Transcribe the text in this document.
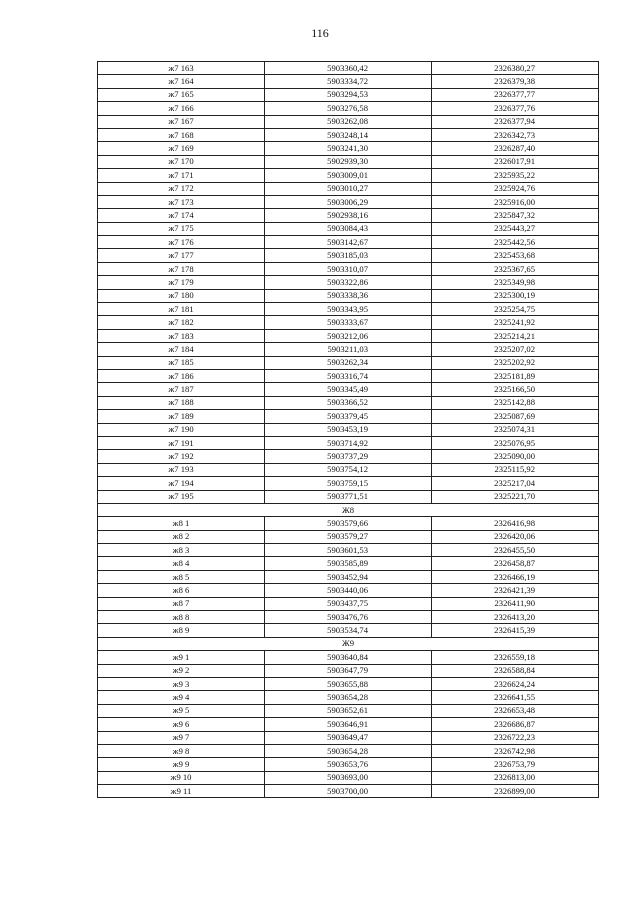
116
ж7 163	5903360,42	2326380,27
ж7 164	5903334,72	2326379,38
ж7 165	5903294,53	2326377,77
ж7 166	5903276,58	2326377,76
ж7 167	5903262,08	2326377,94
ж7 168	5903248,14	2326342,73
ж7 169	5903241,30	2326287,40
ж7 170	5902939,30	2326017,91
ж7 171	5903009,01	2325935,22
ж7 172	5903010,27	2325924,76
ж7 173	5903006,29	2325916,00
ж7 174	5902938,16	2325847,32
ж7 175	5903084,43	2325443,27
ж7 176	5903142,67	2325442,56
ж7 177	5903185,03	2325453,68
ж7 178	5903310,07	2325367,65
ж7 179	5903322,86	2325349,98
ж7 180	5903338,36	2325300,19
ж7 181	5903343,95	2325254,75
ж7 182	5903333,67	2325241,92
ж7 183	5903212,06	2325214,21
ж7 184	5903211,03	2325207,02
ж7 185	5903262,34	2325202,92
ж7 186	5903316,74	2325181,89
ж7 187	5903345,49	2325166,50
ж7 188	5903366,52	2325142,88
ж7 189	5903379,45	2325087,69
ж7 190	5903453,19	2325074,31
ж7 191	5903714,92	2325076,95
ж7 192	5903737,29	2325090,00
ж7 193	5903754,12	2325115,92
ж7 194	5903759,15	2325217,04
ж7 195	5903771,51	2325221,70
Ж8		
ж8 1	5903579,66	2326416,98
ж8 2	5903579,27	2326420,06
ж8 3	5903601,53	2326455,50
ж8 4	5903585,89	2326458,87
ж8 5	5903452,94	2326466,19
ж8 6	5903440,06	2326421,39
ж8 7	5903437,75	2326411,90
ж8 8	5903476,76	2326413,20
ж8 9	5903534,74	2326415,39
Ж9		
ж9 1	5903640,84	2326559,18
ж9 2	5903647,79	2326588,84
ж9 3	5903655,88	2326624,24
ж9 4	5903654,28	2326641,55
ж9 5	5903652,61	2326653,48
ж9 6	5903646,91	2326686,87
ж9 7	5903649,47	2326722,23
ж9 8	5903654,28	2326742,98
ж9 9	5903653,76	2326753,79
ж9 10	5903693,00	2326813,00
ж9 11	5903700,00	2326899,00
